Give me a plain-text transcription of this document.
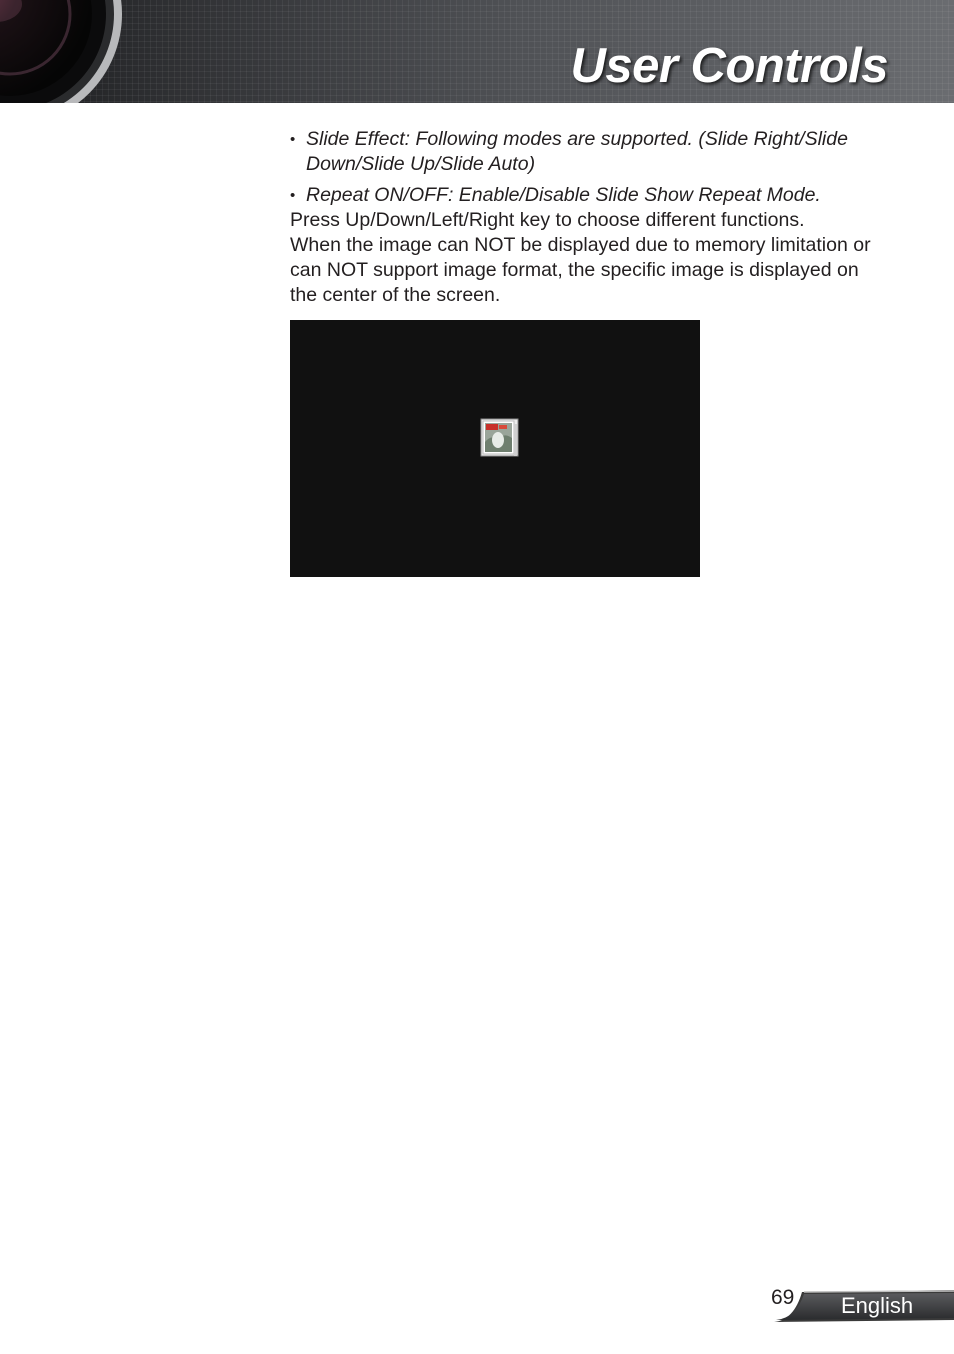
User Controls

• Slide Effect: Following modes are supported. (Slide Right/Slide Down/Slide Up/Slide Auto)

• Repeat ON/OFF: Enable/Disable Slide Show Repeat Mode.

Press Up/Down/Left/Right key to choose different functions.

When the image can NOT be displayed due to memory limitation or can NOT support image format, the specific image is displayed on the center of the screen.

69 English
